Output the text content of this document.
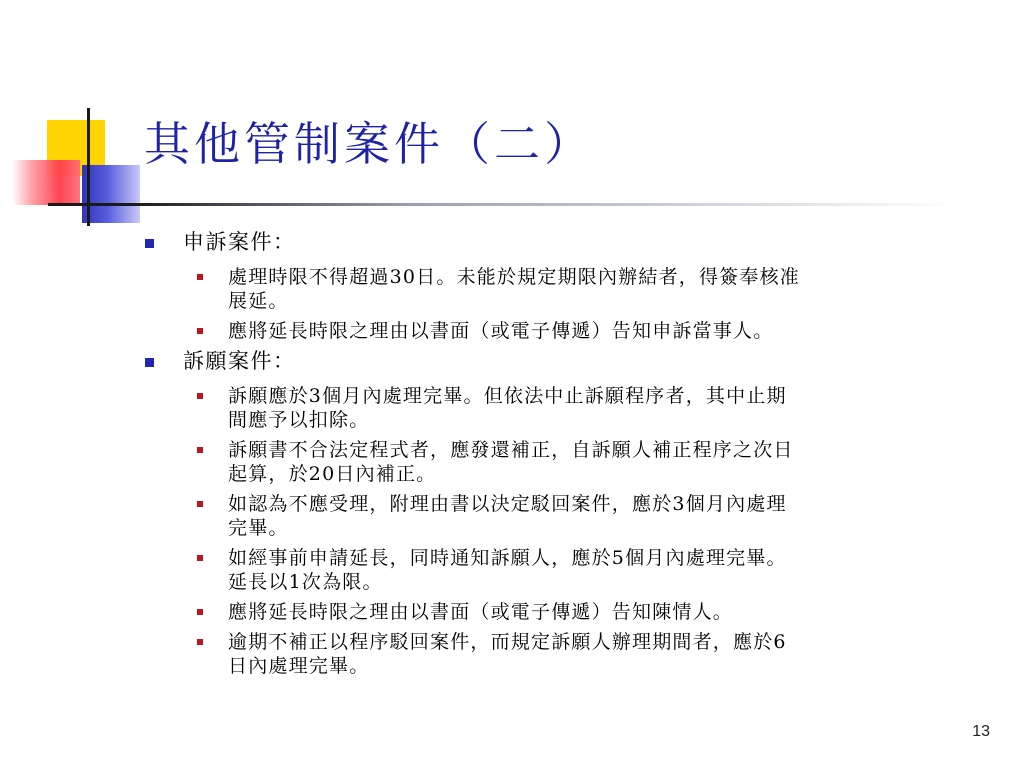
其他管制案件（二）
申訴案件：
處理時限不得超過30日。未能於規定期限內辦結者，得簽奉核准
展延。
應將延長時限之理由以書面（或電子傳遞）告知申訴當事人。
訴願案件：
訴願應於3個月內處理完畢。但依法中止訴願程序者，其中止期
間應予以扣除。
訴願書不合法定程式者，應發還補正，自訴願人補正程序之次日
起算，於20日內補正。
如認為不應受理，附理由書以決定駁回案件，應於3個月內處理
完畢。
如經事前申請延長，同時通知訴願人，應於5個月內處理完畢。
延長以1次為限。
應將延長時限之理由以書面（或電子傳遞）告知陳情人。
逾期不補正以程序駁回案件，而規定訴願人辦理期間者，應於6
日內處理完畢。
13
